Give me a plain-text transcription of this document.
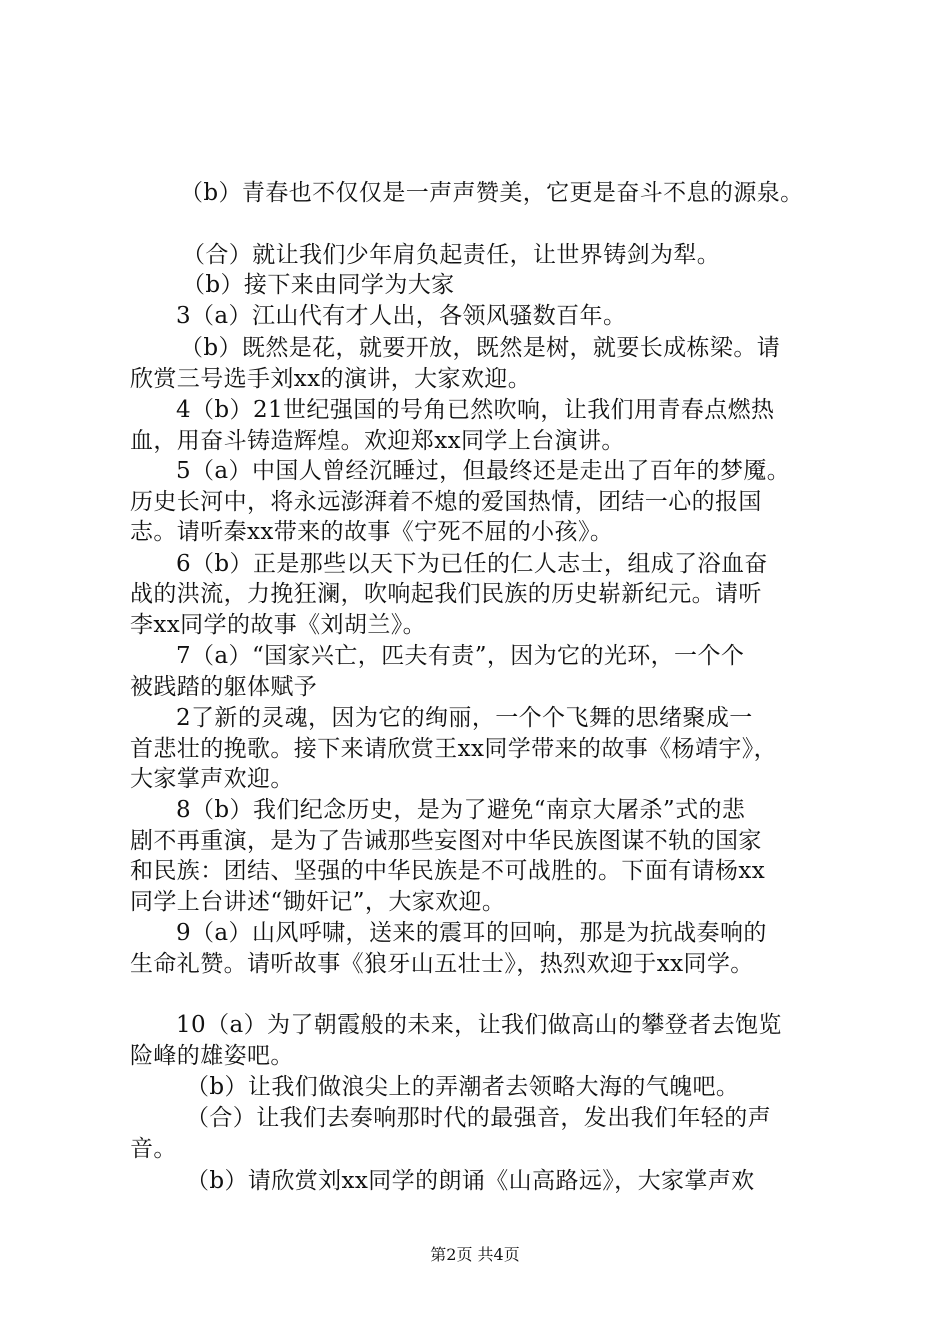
（b）青春也不仅仅是一声声赞美，它更是奋斗不息的源泉。
（合）就让我们少年肩负起责任，让世界铸剑为犁。
（b）接下来由同学为大家
3（a）江山代有才人出，各领风骚数百年。
（b）既然是花，就要开放，既然是树，就要长成栋梁。请
欣赏三号选手刘xx的演讲，大家欢迎。
4（b）21世纪强国的号角已然吹响，让我们用青春点燃热
血，用奋斗铸造辉煌。欢迎郑xx同学上台演讲。
5（a）中国人曾经沉睡过，但最终还是走出了百年的梦魇。
历史长河中，将永远澎湃着不熄的爱国热情，团结一心的报国
志。请听秦xx带来的故事《宁死不屈的小孩》。
6（b）正是那些以天下为已任的仁人志士，组成了浴血奋
战的洪流，力挽狂澜，吹响起我们民族的历史崭新纪元。请听
李xx同学的故事《刘胡兰》。
7（a）“国家兴亡，匹夫有责”，因为它的光环，一个个
被践踏的躯体赋予
2了新的灵魂，因为它的绚丽，一个个飞舞的思绪聚成一
首悲壮的挽歌。接下来请欣赏王xx同学带来的故事《杨靖宇》，
大家掌声欢迎。
8（b）我们纪念历史，是为了避免“南京大屠杀”式的悲
剧不再重演，是为了告诫那些妄图对中华民族图谋不轨的国家
和民族：团结、坚强的中华民族是不可战胜的。下面有请杨xx
同学上台讲述“锄奸记”，大家欢迎。
9（a）山风呼啸，送来的震耳的回响，那是为抗战奏响的
生命礼赞。请听故事《狼牙山五壮士》，热烈欢迎于xx同学。
10（a）为了朝霞般的未来，让我们做高山的攀登者去饱览
险峰的雄姿吧。
（b）让我们做浪尖上的弄潮者去领略大海的气魄吧。
（合）让我们去奏响那时代的最强音，发出我们年轻的声
音。
（b）请欣赏刘xx同学的朗诵《山高路远》，大家掌声欢
第2页 共4页
